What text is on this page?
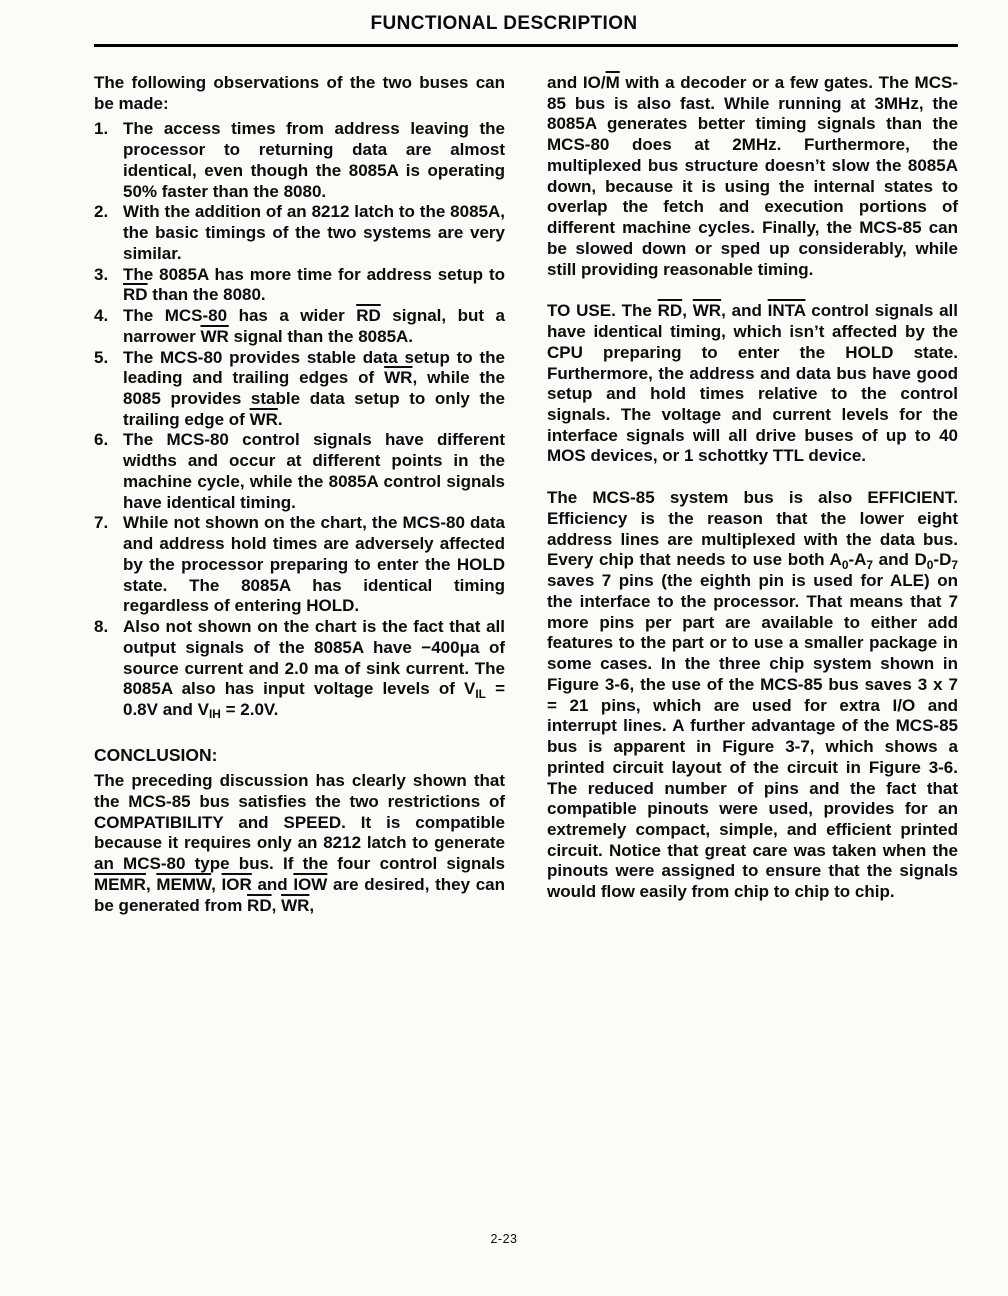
FUNCTIONAL DESCRIPTION

The following observations of the two buses can be made:

1. The access times from address leaving the processor to returning data are almost identical, even though the 8085A is operating 50% faster than the 8080.
2. With the addition of an 8212 latch to the 8085A, the basic timings of the two systems are very similar.
3. The 8085A has more time for address setup to $\overline{RD}$ than the 8080.
4. The MCS-80 has a wider $\overline{RD}$ signal, but a narrower $\overline{WR}$ signal than the 8085A.
5. The MCS-80 provides stable data setup to the leading and trailing edges of $\overline{WR}$, while the 8085 provides stable data setup to only the trailing edge of $\overline{WR}$.
6. The MCS-80 control signals have different widths and occur at different points in the machine cycle, while the 8085A control signals have identical timing.
7. While not shown on the chart, the MCS-80 data and address hold times are adversely affected by the processor preparing to enter the HOLD state. The 8085A has identical timing regardless of entering HOLD.
8. Also not shown on the chart is the fact that all output signals of the 8085A have −400μa of source current and 2.0 ma of sink current. The 8085A also has input voltage levels of $V_{IL} = 0.8V$ and $V_{IH} = 2.0V$.
CONCLUSION:

The preceding discussion has clearly shown that the MCS-85 bus satisfies the two restrictions of COMPATIBILITY and SPEED. It is compatible because it requires only an 8212 latch to generate an MCS-80 type bus. If the four control signals MEMR, MEMW, $\overline{IOR}$ and $\overline{IOW}$ are desired, they can be generated from $\overline{RD}$, $\overline{WR}$,

and $IO/\overline{M}$ with a decoder or a few gates. The MCS-85 bus is also fast. While running at 3MHz, the 8085A generates better timing signals than the MCS-80 does at 2MHz. Furthermore, the multiplexed bus structure doesn’t slow the 8085A down, because it is using the internal states to overlap the fetch and execution portions of different machine cycles. Finally, the MCS-85 can be slowed down or sped up considerably, while still providing reasonable timing.

TO USE. The $\overline{RD}$, $\overline{WR}$, and INTA control signals all have identical timing, which isn’t affected by the CPU preparing to enter the HOLD state. Furthermore, the address and data bus have good setup and hold times relative to the control signals. The voltage and current levels for the interface signals will all drive buses of up to 40 MOS devices, or 1 schottky TTL device.

The MCS-85 system bus is also EFFICIENT. Efficiency is the reason that the lower eight address lines are multiplexed with the data bus. Every chip that needs to use both $A_0-A_7$ and $D_0-D_7$ saves 7 pins (the eighth pin is used for ALE) on the interface to the processor. That means that 7 more pins per part are available to either add features to the part or to use a smaller package in some cases. In the three chip system shown in Figure 3-6, the use of the MCS-85 bus saves 3 x 7 = 21 pins, which are used for extra I/O and interrupt lines. A further advantage of the MCS-85 bus is apparent in Figure 3-7, which shows a printed circuit layout of the circuit in Figure 3-6. The reduced number of pins and the fact that compatible pinouts were used, provides for an extremely compact, simple, and efficient printed circuit. Notice that great care was taken when the pinouts were assigned to ensure that the signals would flow easily from chip to chip to chip.

2-23
